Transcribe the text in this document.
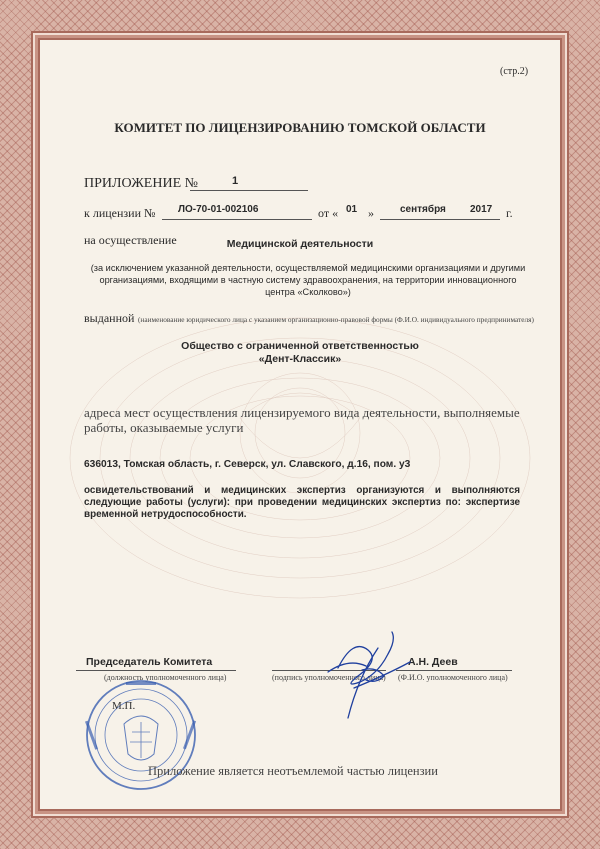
(стр.2)
КОМИТЕТ ПО ЛИЦЕНЗИРОВАНИЮ ТОМСКОЙ ОБЛАСТИ
ПРИЛОЖЕНИЕ №	1
к лицензии № ЛО-70-01-002106	от « 01 »	сентября 2017 г.
на осуществление	Медицинской деятельности
(за исключением указанной деятельности, осуществляемой медицинскими организациями и другими организациями, входящими в частную систему здравоохранения, на территории инновационного центра «Сколково»)
выданной (наименование юридического лица с указанием организационно-правовой формы (Ф.И.О. индивидуального предпринимателя)
Общество с ограниченной ответственностью
«Дент-Классик»
адреса мест осуществления лицензируемого вида деятельности, выполняемые работы, оказываемые услуги
636013, Томская область, г. Северск, ул. Славского, д.16, пом. у3
освидетельствований и медицинских экспертиз организуются и выполняются следующие работы (услуги): при проведении медицинских экспертиз по: экспертизе временной нетрудоспособности.
Председатель Комитета
(должность уполномоченного лица)	(подпись уполномоченного лица)
А.Н. Деев
(Ф.И.О. уполномоченного лица)
М.П.
Приложение является неотъемлемой частью лицензии
